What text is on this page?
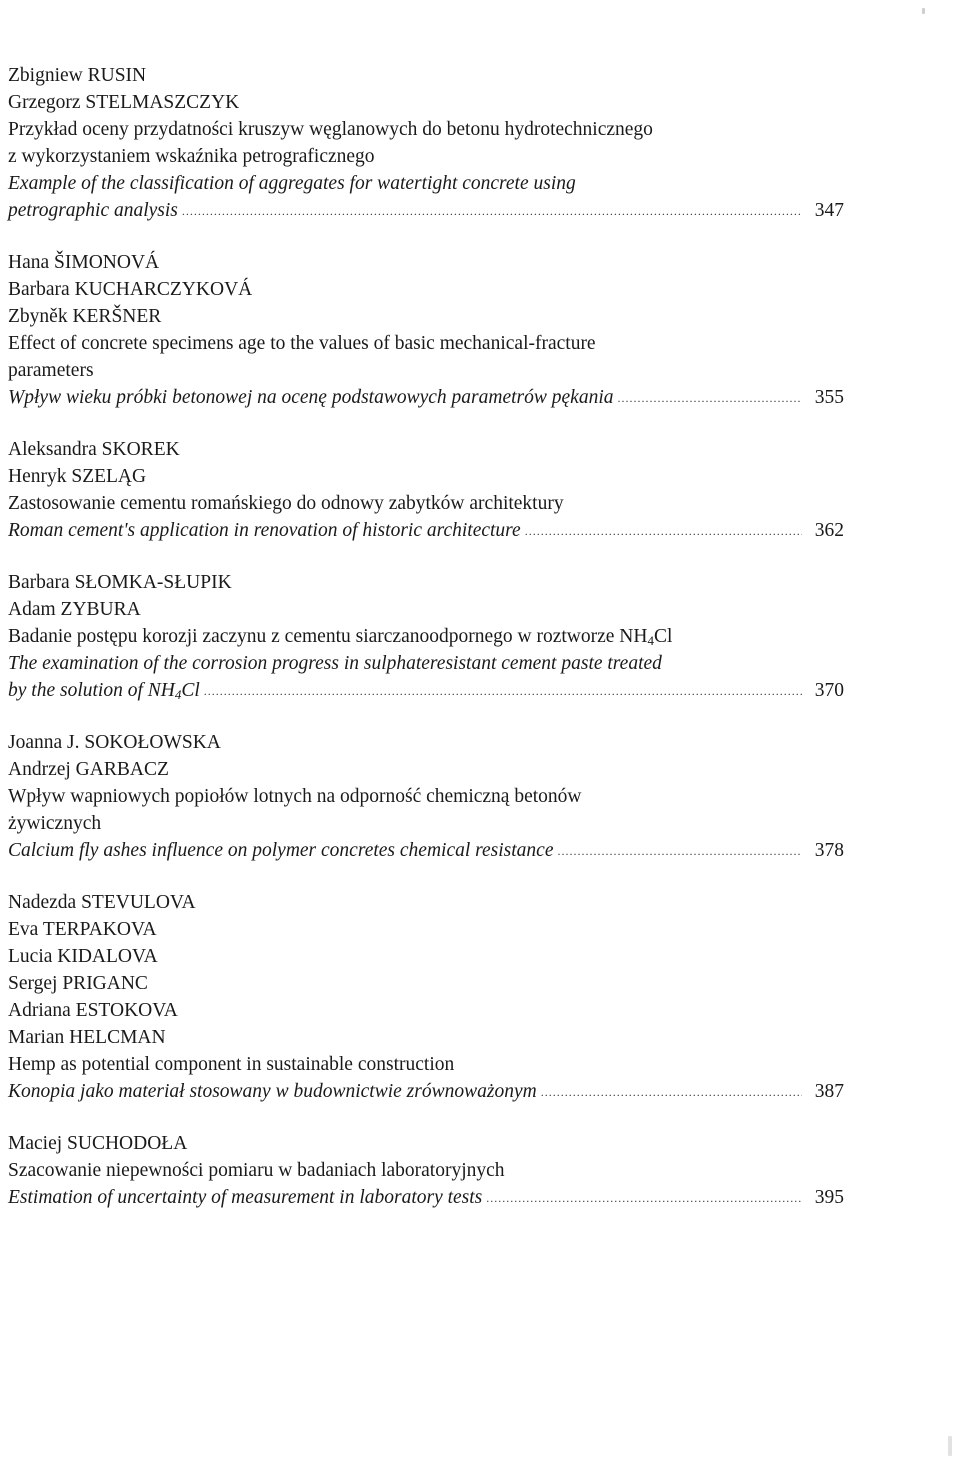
Zbigniew RUSIN
Grzegorz STELMASZCZYK
Przykład oceny przydatności kruszyw węglanowych do betonu hydrotechnicznego
z wykorzystaniem wskaźnika petrograficznego
Example of the classification of aggregates for watertight concrete using
petrographic analysis .....	347
Hana ŠIMONOVÁ
Barbara KUCHARCZYKOVÁ
Zbyněk KERŠNER
Effect of concrete specimens age to the values of basic mechanical-fracture
parameters
Wpływ wieku próbki betonowej na ocenę podstawowych parametrów pękania .....	355
Aleksandra SKOREK
Henryk SZELĄG
Zastosowanie cementu romańskiego do odnowy zabytków architektury
Roman cement's application in renovation of historic architecture .....	362
Barbara SŁOMKA-SŁUPIK
Adam ZYBURA
Badanie postępu korozji zaczynu z cementu siarczanoodpornego w roztworze $NH_4Cl$
The examination of the corrosion progress in sulphateresistant cement paste treated
by the solution of $NH_4Cl$ .....	370
Joanna J. SOKOŁOWSKA
Andrzej GARBACZ
Wpływ wapniowych popiołów lotnych na odporność chemiczną betonów
żywicznych
Calcium fly ashes influence on polymer concretes chemical resistance .....	378
Nadezda STEVULOVA
Eva TERPAKOVA
Lucia KIDALOVA
Sergej PRIGANC
Adriana ESTOKOVA
Marian HELCMAN
Hemp as potential component in sustainable construction
Konopia jako materiał stosowany w budownictwie zrównoważonym .....	387
Maciej SUCHODOŁA
Szacowanie niepewności pomiaru w badaniach laboratoryjnych
Estimation of uncertainty of measurement in laboratory tests .....	395
